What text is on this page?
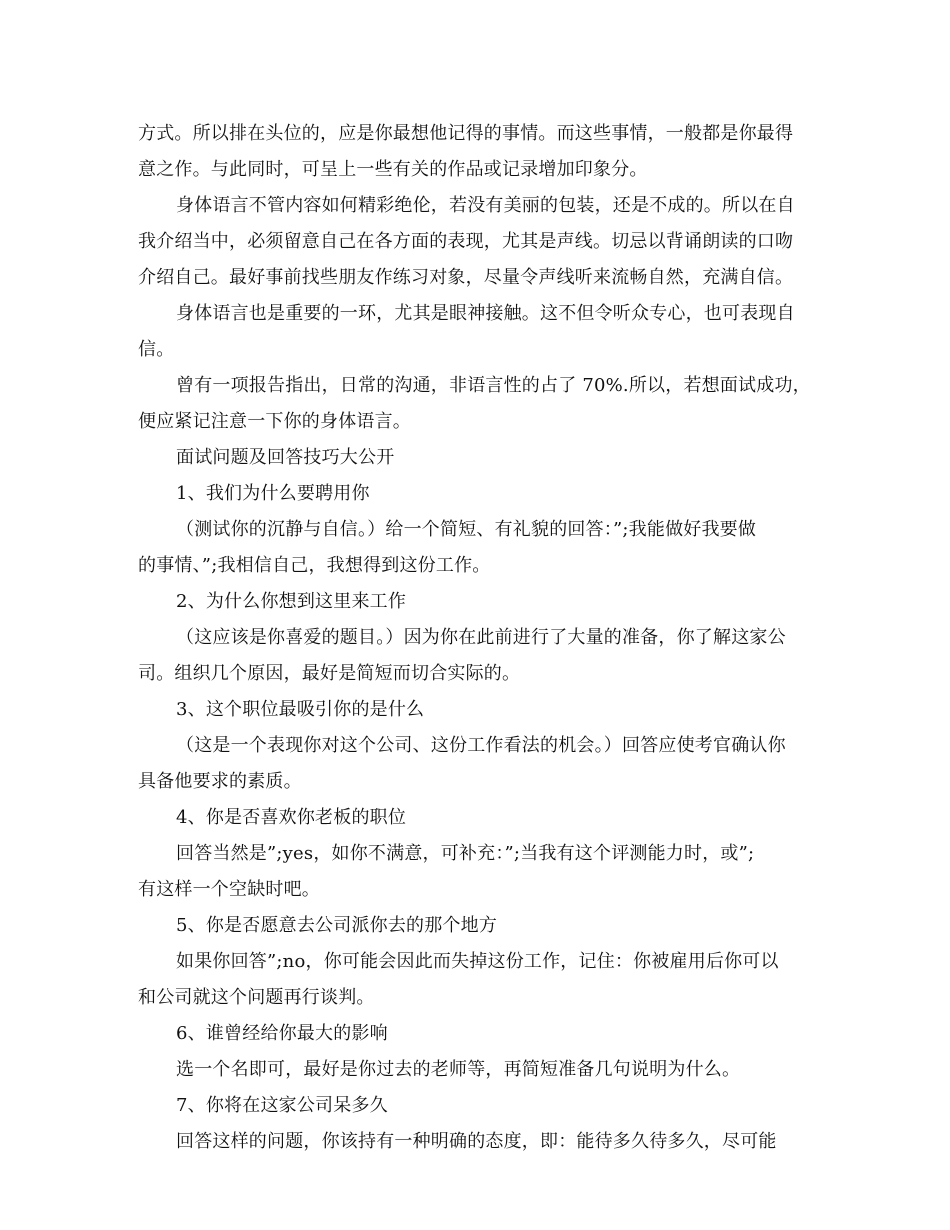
方式。所以排在头位的，应是你最想他记得的事情。而这些事情，一般都是你最得
意之作。与此同时，可呈上一些有关的作品或记录增加印象分。
身体语言不管内容如何精彩绝伦，若没有美丽的包装，还是不成的。所以在自
我介绍当中，必须留意自己在各方面的表现，尤其是声线。切忌以背诵朗读的口吻
介绍自己。最好事前找些朋友作练习对象，尽量令声线听来流畅自然，充满自信。
身体语言也是重要的一环，尤其是眼神接触。这不但令听众专心，也可表现自
信。
曾有一项报告指出，日常的沟通，非语言性的占了 70%.所以，若想面试成功，
便应紧记注意一下你的身体语言。
面试问题及回答技巧大公开
1、我们为什么要聘用你
（测试你的沉静与自信。）给一个简短、有礼貌的回答：”;我能做好我要做
的事情、”;我相信自己，我想得到这份工作。
2、为什么你想到这里来工作
（这应该是你喜爱的题目。）因为你在此前进行了大量的准备，你了解这家公
司。组织几个原因，最好是简短而切合实际的。
3、这个职位最吸引你的是什么
（这是一个表现你对这个公司、这份工作看法的机会。）回答应使考官确认你
具备他要求的素质。
4、你是否喜欢你老板的职位
回答当然是”;yes，如你不满意，可补充：”;当我有这个评测能力时，或”;
有这样一个空缺时吧。
5、你是否愿意去公司派你去的那个地方
如果你回答”;no，你可能会因此而失掉这份工作，记住：你被雇用后你可以
和公司就这个问题再行谈判。
6、谁曾经给你最大的影响
选一个名即可，最好是你过去的老师等，再简短准备几句说明为什么。
7、你将在这家公司呆多久
回答这样的问题，你该持有一种明确的态度，即：能待多久待多久，尽可能
